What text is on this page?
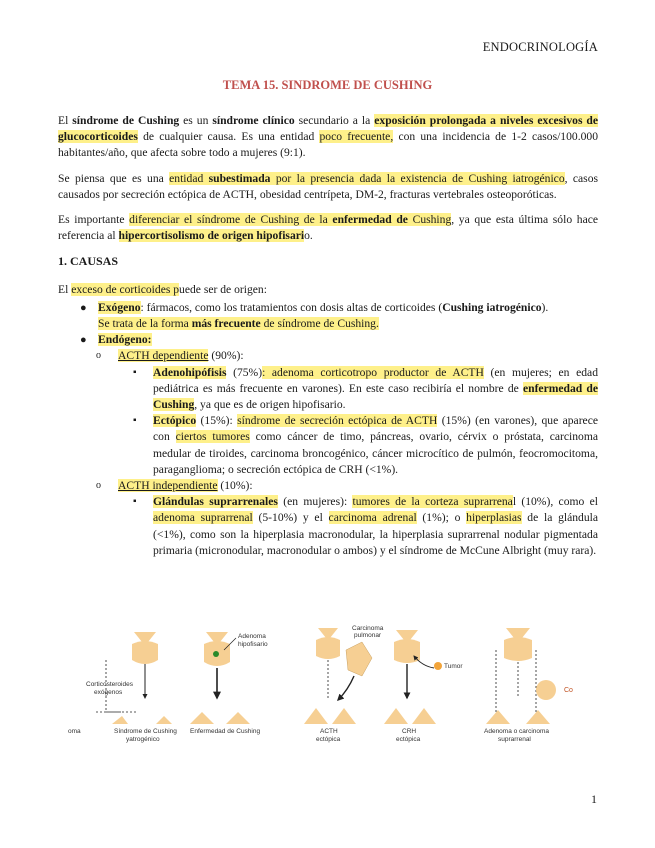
ENDOCRINOLOGÍA
TEMA 15. SINDROME DE CUSHING

El síndrome de Cushing es un síndrome clínico secundario a la exposición prolongada a niveles excesivos de glucocorticoides de cualquier causa. Es una entidad poco frecuente, con una incidencia de 1-2 casos/100.000 habitantes/año, que afecta sobre todo a mujeres (9:1).

Se piensa que es una entidad subestimada por la presencia dada la existencia de Cushing iatrogénico, casos causados por secreción ectópica de ACTH, obesidad centrípeta, DM-2, fracturas vertebrales osteoporóticas.

Es importante diferenciar el síndrome de Cushing de la enfermedad de Cushing, ya que esta última sólo hace referencia al hipercortisolismo de origen hipofisario.

1. CAUSAS

El exceso de corticoides puede ser de origen:

● Exógeno: fármacos, como los tratamientos con dosis altas de corticoides (Cushing iatrogénico).
Se trata de la forma más frecuente de síndrome de Cushing.
● Endógeno:
o ACTH dependiente (90%):
▪ Adenohipófisis (75%): adenoma corticotropo productor de ACTH (en mujeres; en edad pediátrica es más frecuente en varones). En este caso recibiría el nombre de enfermedad de Cushing, ya que es de origen hipofisario.
▪ Ectópico (15%): síndrome de secreción ectópica de ACTH (15%) (en varones), que aparece con ciertos tumores como cáncer de timo, páncreas, ovario, cérvix o próstata, carcinoma medular de tiroides, carcinoma broncogénico, cáncer microcítico de pulmón, feocromocitoma, paraganglioma; o secreción ectópica de CRH (<1%).
o ACTH independiente (10%):
▪ Glándulas suprarrenales (en mujeres): tumores de la corteza suprarrenal (10%), como el adenoma suprarrenal (5-10%) y el carcinoma adrenal (1%); o hiperplasias de la glándula (<1%), como son la hiperplasia macronodular, la hiperplasia suprarrenal nodular pigmentada primaria (micronodular, macronodular o ambos) y el síndrome de McCune Albright (muy rara).
Corticosteroides
exógenos
oma	Síndrome de Cushing
yatrogénico
Adenoma
hipofisario
Enfermedad de Cushing
Carcinoma
pulmonar
ACTH
ectópica
Tumor
CRH
ectópica
Co
Adenoma o carcinoma
suprarrenal
1
